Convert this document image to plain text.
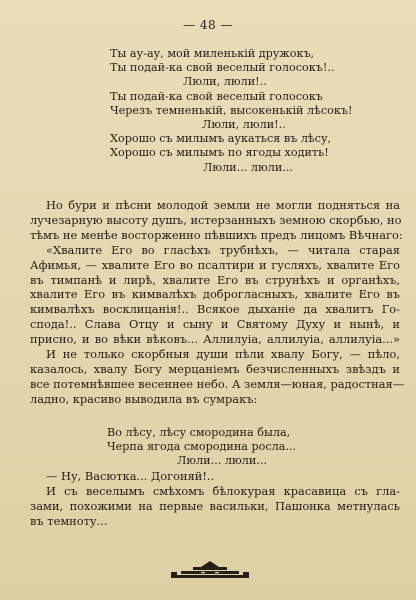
— 48 —
Ты ау-ау, мой миленькій дружокъ,
Ты подай-ка свой веселый голосокъ!..
Люли, люли!..
Ты подай-ка свой веселый голосокъ
Черезъ темненькій, высокенькій лѣсокъ!
Люли, люли!..
Хорошо съ милымъ аукаться въ лѣсу,
Хорошо съ милымъ по ягоды ходить!
Люли... люли...
Но бури и пѣсни молодой земли не могли подняться на
лучезарную высоту душъ, истерзанныхъ земною скорбью, но
тѣмъ не менѣе восторженно пѣвшихъ предъ лицомъ Вѣчнаго:
«Хвалите Его во гласѣхъ трубнѣхъ, — читала старая
Афимья, — хвалите Его во псалтири и гусляхъ, хвалите Его
въ тимпанѣ и лирѣ, хвалите Его въ струнѣхъ и органѣхъ,
хвалите Его въ кимвалѣхъ доброгласныхъ, хвалите Его въ
кимвалѣхъ восклицанія!.. Всякое дыханіе да хвалитъ Го-
спода!.. Слава Отцу и сыну и Святому Духу и нынѣ, и
присно, и во вѣки вѣковъ... Аллилуіа, аллилуіа, аллилуіа...»
И не только скорбныя души пѣли хвалу Богу, — пѣло,
казалось, хвалу Богу мерцаніемъ безчисленныхъ звѣздъ и
все потемнѣвшее весеннее небо. А земля—юная, радостная—
ладно, красиво выводила въ сумракъ:
Во лѣсу, лѣсу смородина была,
Черпа ягода смородина росла...
Люли... люли...
— Ну, Васютка... Догоняй!..
И съ веселымъ смѣхомъ бѣлокурая красавица съ гла-
зами, похожими на первые васильки, Пашонка метнулась
въ темноту...
